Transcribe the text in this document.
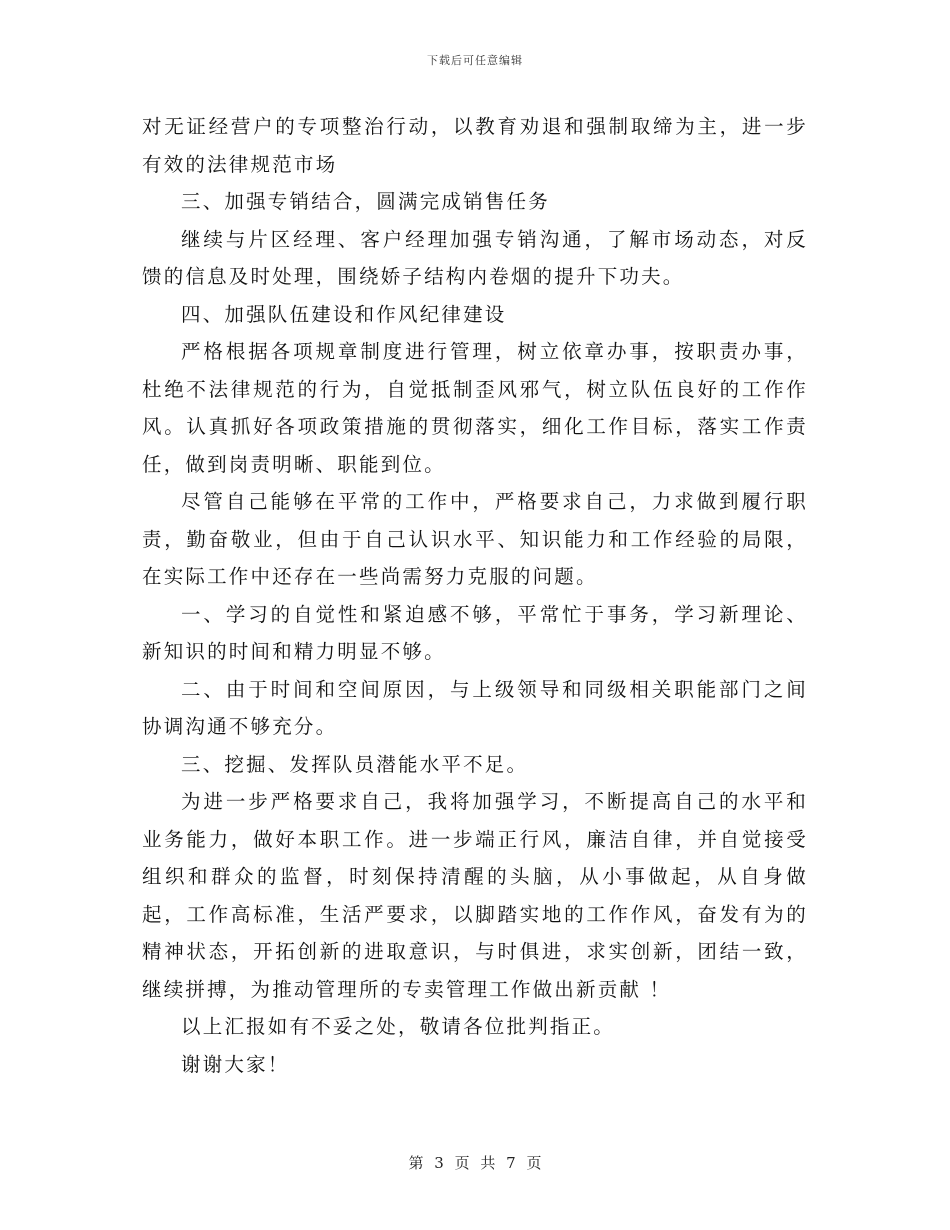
下载后可任意编辑

对无证经营户的专项整治行动，以教育劝退和强制取缔为主，进一步有效的法律规范市场

三、加强专销结合，圆满完成销售任务

继续与片区经理、客户经理加强专销沟通，了解市场动态，对反馈的信息及时处理，围绕娇子结构内卷烟的提升下功夫。

四、加强队伍建设和作风纪律建设

严格根据各项规章制度进行管理，树立依章办事，按职责办事，杜绝不法律规范的行为，自觉抵制歪风邪气，树立队伍良好的工作作风。认真抓好各项政策措施的贯彻落实，细化工作目标，落实工作责任，做到岗责明晰、职能到位。

尽管自己能够在平常的工作中，严格要求自己，力求做到履行职责，勤奋敬业，但由于自己认识水平、知识能力和工作经验的局限，在实际工作中还存在一些尚需努力克服的问题。

一、学习的自觉性和紧迫感不够，平常忙于事务，学习新理论、新知识的时间和精力明显不够。

二、由于时间和空间原因，与上级领导和同级相关职能部门之间协调沟通不够充分。

三、挖掘、发挥队员潜能水平不足。

为进一步严格要求自己，我将加强学习，不断提高自己的水平和业务能力，做好本职工作。进一步端正行风，廉洁自律，并自觉接受组织和群众的监督，时刻保持清醒的头脑，从小事做起，从自身做起，工作高标准，生活严要求，以脚踏实地的工作作风，奋发有为的精神状态，开拓创新的进取意识，与时俱进，求实创新，团结一致，继续拼搏，为推动管理所的专卖管理工作做出新贡献 ！

以上汇报如有不妥之处，敬请各位批判指正。

谢谢大家！

第 3 页 共 7 页
